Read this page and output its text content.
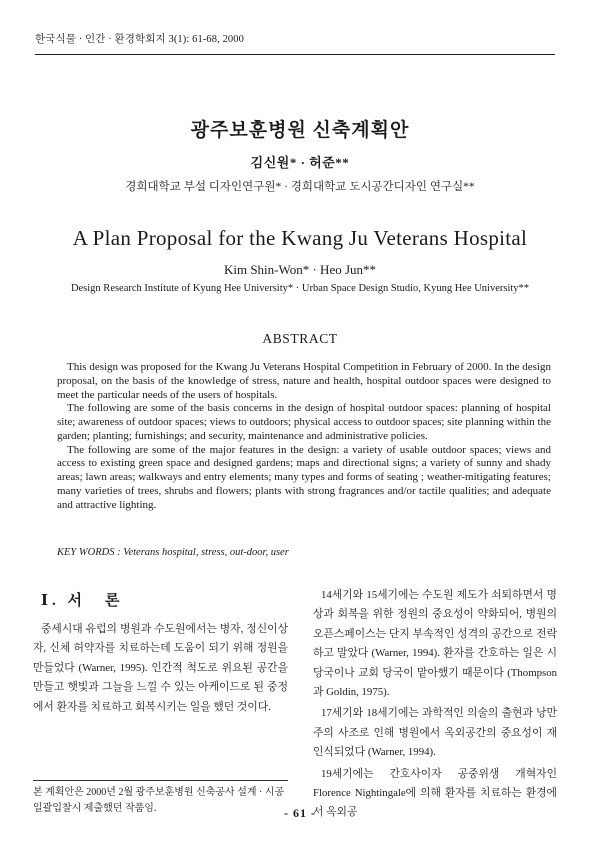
한국식물 · 인간 · 환경학회지 3(1): 61-68, 2000
광주보훈병원 신축계획안
김신원* · 허준**
경희대학교 부설 디자인연구원* · 경희대학교 도시공간디자인 연구실**
A Plan Proposal for the Kwang Ju Veterans Hospital
Kim Shin-Won* · Heo Jun**
Design Research Institute of Kyung Hee University* · Urban Space Design Studio, Kyung Hee University**
ABSTRACT

This design was proposed for the Kwang Ju Veterans Hospital Competition in February of 2000. In the design proposal, on the basis of the knowledge of stress, nature and health, hospital outdoor spaces were designed to meet the particular needs of the users of hospitals.

The following are some of the basis concerns in the design of hospital outdoor spaces: planning of hospital site; awareness of outdoor spaces; views to outdoors; physical access to outdoor spaces; site planning within the garden; planting; furnishings; and security, maintenance and administrative policies.

The following are some of the major features in the design: a variety of usable outdoor spaces; views and access to existing green space and designed gardens; maps and directional signs; a variety of sunny and shady areas; lawn areas; walkways and entry elements; many types and forms of seating ; weather-mitigating features; many varieties of trees, shrubs and flowers; plants with strong fragrances and/or tactile qualities; and adequate and attractive lighting.

KEY WORDS : Veterans hospital, stress, out-door, user
Ⅰ. 서　론

중세시대 유럽의 병원과 수도원에서는 병자, 정신이상자, 신체 허약자를 치료하는데 도움이 되기 위해 정원을 만들었다 (Warner, 1995). 인간적 척도로 위요된 공간을 만들고 햇빛과 그늘을 느낄 수 있는 아케이드로 된 중정에서 환자를 치료하고 회복시키는 일을 했던 것이다.

14세기와 15세기에는 수도원 제도가 쇠퇴하면서 명상과 회복을 위한 정원의 중요성이 약화되어, 병원의 오픈스페이스는 단지 부속적인 성격의 공간으로 전락하고 말았다 (Warner, 1994). 환자를 간호하는 일은 시 당국이나 교회 당국이 맡아했기 때문이다 (Thompson과 Goldin, 1975).

17세기와 18세기에는 과학적인 의술의 출현과 낭만주의 사조로 인해 병원에서 옥외공간의 중요성이 재인식되었다 (Warner, 1994).

19세기에는 간호사이자 공중위생 개혁자인 Florence Nightingale에 의해 환자를 치료하는 환경에서 옥외공

본 계획안은 2000년 2월 광주보훈병원 신축공사 설계 · 시공 일괄입찰시 제출했던 작품임.	- 61 -
